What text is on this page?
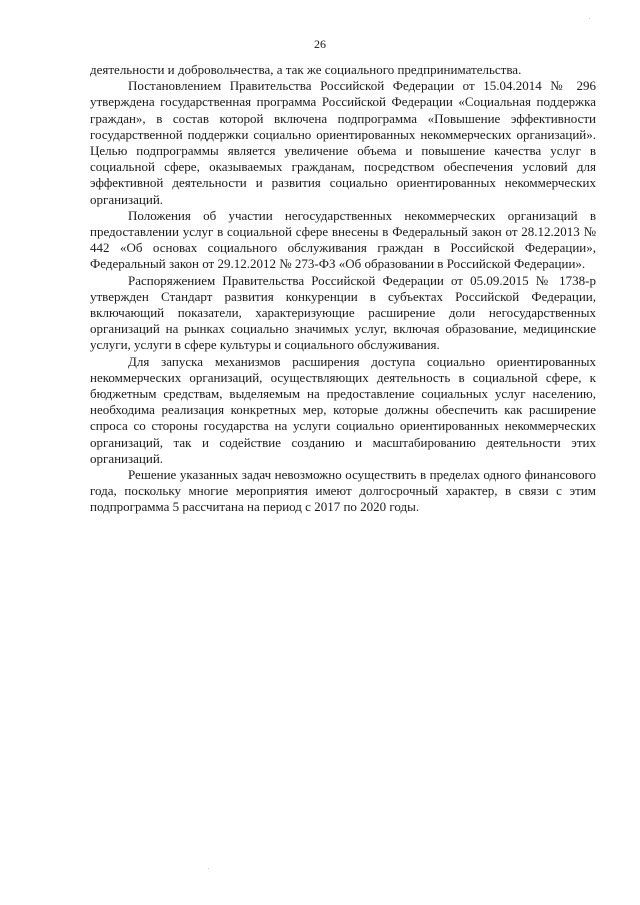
26

деятельности и добровольчества, а так же социального предпринимательства.

Постановлением Правительства Российской Федерации от 15.04.2014 № 296 утверждена государственная программа Российской Федерации «Социальная поддержка граждан», в состав которой включена подпрограмма «Повышение эффективности государственной поддержки социально ориентированных некоммерческих организаций». Целью подпрограммы является увеличение объема и повышение качества услуг в социальной сфере, оказываемых гражданам, посредством обеспечения условий для эффективной деятельности и развития социально ориентированных некоммерческих организаций.

Положения об участии негосударственных некоммерческих организаций в предоставлении услуг в социальной сфере внесены в Федеральный закон от 28.12.2013 № 442 «Об основах социального обслуживания граждан в Российской Федерации», Федеральный закон от 29.12.2012 № 273-ФЗ «Об образовании в Российской Федерации».

Распоряжением Правительства Российской Федерации от 05.09.2015 № 1738-р утвержден Стандарт развития конкуренции в субъектах Российской Федерации, включающий показатели, характеризующие расширение доли негосударственных организаций на рынках социально значимых услуг, включая образование, медицинские услуги, услуги в сфере культуры и социального обслуживания.

Для запуска механизмов расширения доступа социально ориентированных некоммерческих организаций, осуществляющих деятельность в социальной сфере, к бюджетным средствам, выделяемым на предоставление социальных услуг населению, необходима реализация конкретных мер, которые должны обеспечить как расширение спроса со стороны государства на услуги социально ориентированных некоммерческих организаций, так и содействие созданию и масштабированию деятельности этих организаций.

Решение указанных задач невозможно осуществить в пределах одного финансового года, поскольку многие мероприятия имеют долгосрочный характер, в связи с этим подпрограмма 5 рассчитана на период с 2017 по 2020 годы.
